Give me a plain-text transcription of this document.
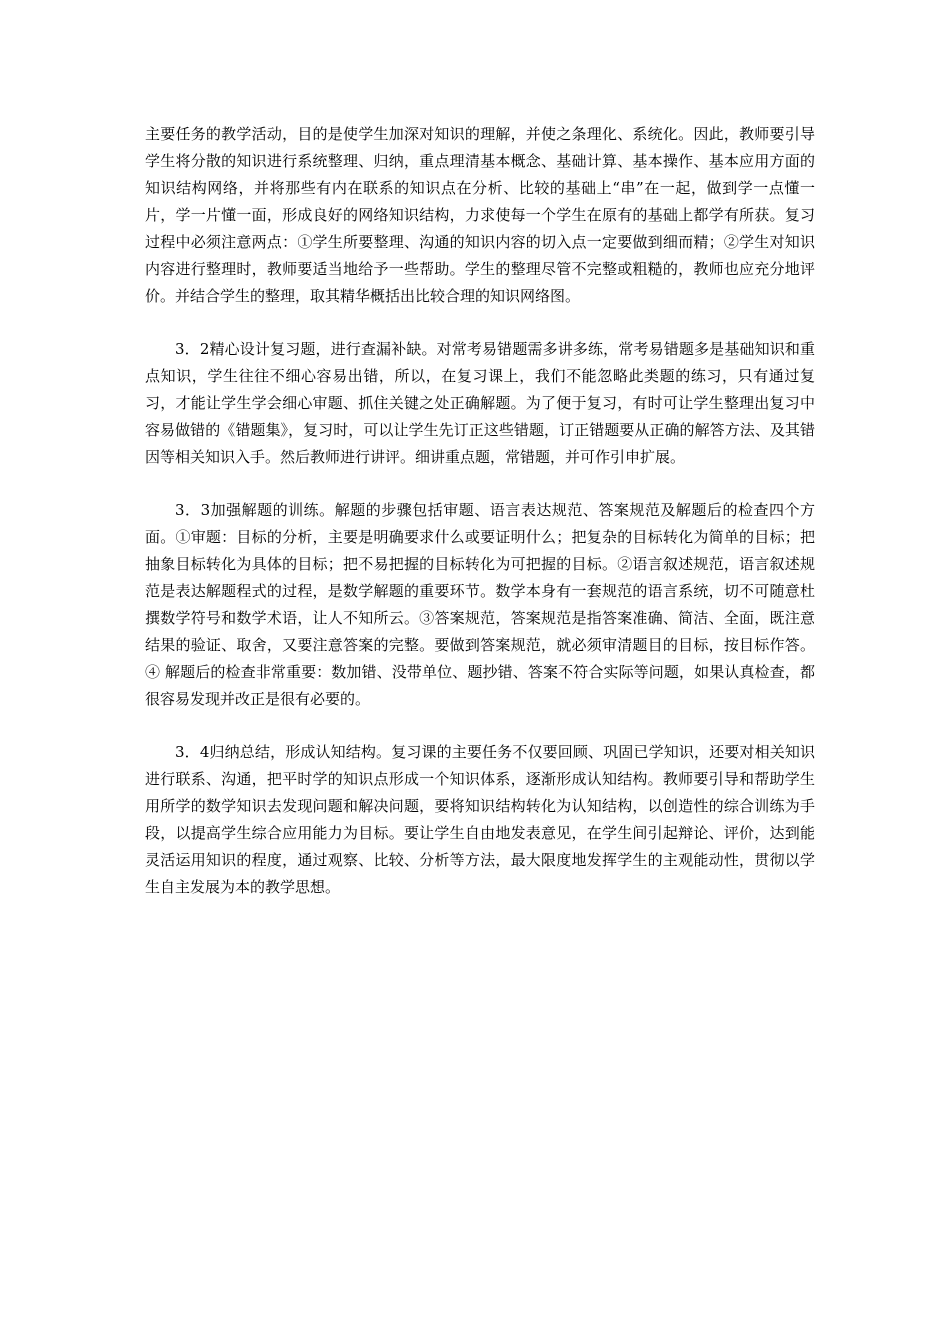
主要任务的教学活动，目的是使学生加深对知识的理解，并使之条理化、系统化。因此，教师要引导学生将分散的知识进行系统整理、归纳，重点理清基本概念、基础计算、基本操作、基本应用方面的知识结构网络，并将那些有内在联系的知识点在分析、比较的基础上“串”在一起，做到学一点懂一片，学一片懂一面，形成良好的网络知识结构，力求使每一个学生在原有的基础上都学有所获。复习过程中必须注意两点：①学生所要整理、沟通的知识内容的切入点一定要做到细而精；②学生对知识内容进行整理时，教师要适当地给予一些帮助。学生的整理尽管不完整或粗糙的，教师也应充分地评价。并结合学生的整理，取其精华概括出比较合理的知识网络图。

3．2精心设计复习题，进行查漏补缺。对常考易错题需多讲多练，常考易错题多是基础知识和重点知识，学生往往不细心容易出错，所以，在复习课上，我们不能忽略此类题的练习，只有通过复习，才能让学生学会细心审题、抓住关键之处正确解题。为了便于复习，有时可让学生整理出复习中容易做错的《错题集》，复习时，可以让学生先订正这些错题，订正错题要从正确的解答方法、及其错因等相关知识入手。然后教师进行讲评。细讲重点题，常错题，并可作引申扩展。

3．3加强解题的训练。解题的步骤包括审题、语言表达规范、答案规范及解题后的检查四个方面。①审题：目标的分析，主要是明确要求什么或要证明什么；把复杂的目标转化为简单的目标；把抽象目标转化为具体的目标；把不易把握的目标转化为可把握的目标。②语言叙述规范，语言叙述规范是表达解题程式的过程，是数学解题的重要环节。数学本身有一套规范的语言系统，切不可随意杜撰数学符号和数学术语，让人不知所云。③答案规范，答案规范是指答案准确、简洁、全面，既注意结果的验证、取舍，又要注意答案的完整。要做到答案规范，就必须审清题目的目标，按目标作答。④ 解题后的检查非常重要：数加错、没带单位、题抄错、答案不符合实际等问题，如果认真检查，都很容易发现并改正是很有必要的。

3．4归纳总结，形成认知结构。复习课的主要任务不仅要回顾、巩固已学知识，还要对相关知识进行联系、沟通，把平时学的知识点形成一个知识体系，逐渐形成认知结构。教师要引导和帮助学生用所学的数学知识去发现问题和解决问题，要将知识结构转化为认知结构，以创造性的综合训练为手段，以提高学生综合应用能力为目标。要让学生自由地发表意见，在学生间引起辩论、评价，达到能灵活运用知识的程度，通过观察、比较、分析等方法，最大限度地发挥学生的主观能动性，贯彻以学生自主发展为本的教学思想。
